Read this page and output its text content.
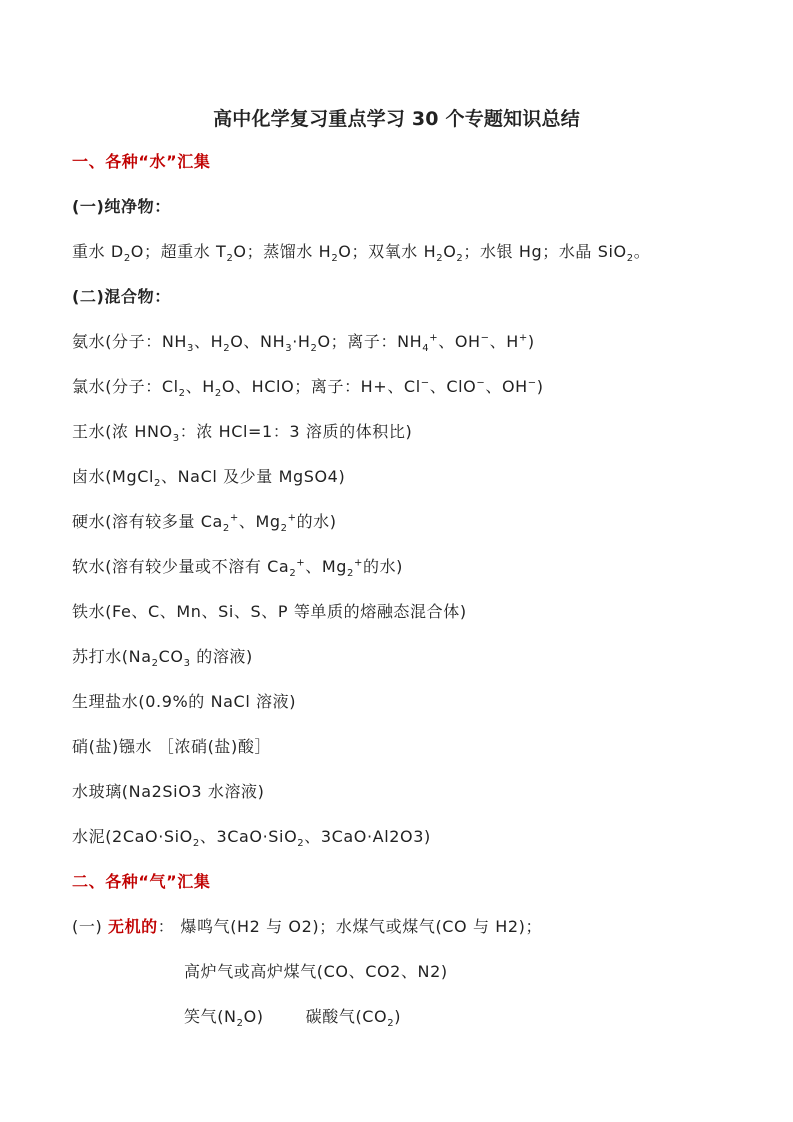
高中化学复习重点学习 30 个专题知识总结
一、各种“水”汇集
(一)纯净物：
重水 $D_2O$；超重水 $T_2O$；蒸馏水 $H_2O$；双氧水 $H_2O_2$；水银 Hg；水晶 SiO$_2$。
(二)混合物：
氨水(分子：$NH_3$、$H_2O$、$NH_3\cdot H_2O$；离子：$NH_4^+$、OH−、H+)
氯水(分子：$Cl_2$、$H_2O$、HClO；离子：H+、Cl−、ClO−、OH−)
王水(浓 $HNO_3$：浓 HCl=1：3 溶质的体积比)
卤水(MgCl$_2$、NaCl 及少量 MgSO4)
硬水(溶有较多量 $Ca_2^+$、$Mg_2^+$的水)
软水(溶有较少量或不溶有 $Ca_2^+$、$Mg_2^+$的水)
铁水(Fe、C、Mn、Si、S、P 等单质的熔融态混合体)
苏打水($Na_2CO_3$ 的溶液)
生理盐水(0.9%的 NaCl 溶液)
硝(盐)镪水 ［浓硝(盐)酸］
水玻璃(Na2SiO3 水溶液)
水泥(2CaO·SiO$_2$、3CaO·SiO$_2$、3CaO·Al2O3)
二、各种“气”汇集
(一) 无机的： 爆鸣气(H2 与 O2)；水煤气或煤气(CO 与 H2)；
高炉气或高炉煤气(CO、CO2、N2)
笑气$(N_2O)$	碳酸气$(CO_2)$
